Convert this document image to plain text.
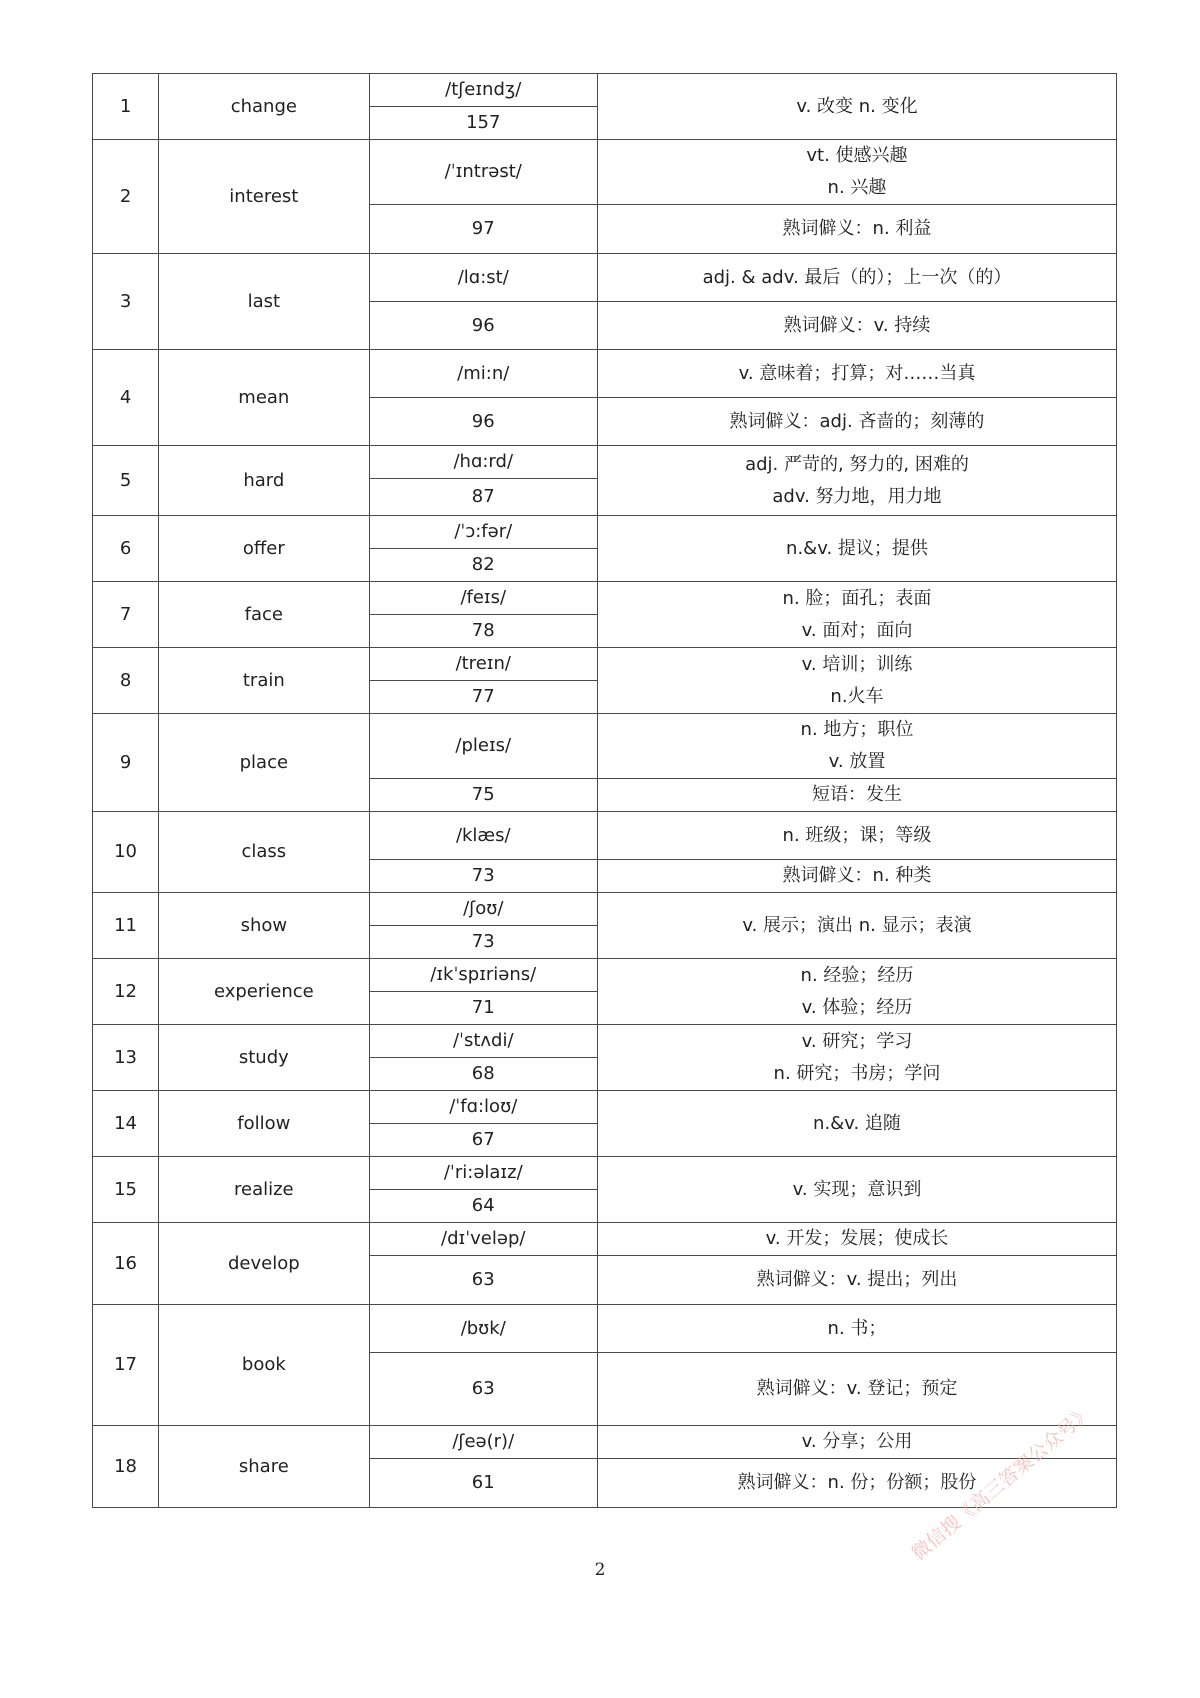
1	change	/tʃeɪndʒ/	v. 改变 n. 变化

		157	
2	interest	/ˈɪntrəst/	vt. 使感兴趣
n. 兴趣

		97	熟词僻义：n. 利益
3	last	/lɑ:st/	adj. & adv. 最后（的）；上一次（的）

		96	熟词僻义：v. 持续
4	mean	/mi:n/	v. 意味着；打算；对……当真

		96	熟词僻义：adj. 吝啬的；刻薄的
5	hard	/hɑ:rd/	adj. 严苛的, 努力的, 困难的
adv. 努力地，用力地

		87	
6	offer	/ˈɔ:fər/	n.&v. 提议；提供

		82	
7	face	/feɪs/	n. 脸；面孔；表面
v. 面对；面向

		78	
8	train	/treɪn/	v. 培训；训练
n.火车

		77	
9	place	/pleɪs/	n. 地方；职位
v. 放置

		75	短语：发生
10	class	/klæs/	n. 班级；课；等级

		73	熟词僻义：n. 种类
11	show	/ʃoʊ/	v. 展示；演出 n. 显示；表演

		73	
12	experience	/ɪkˈspɪriəns/	n. 经验；经历
v. 体验；经历

		71	
13	study	/ˈstʌdi/	v. 研究；学习
n. 研究；书房；学问

		68	
14	follow	/ˈfɑ:loʊ/	n.&v. 追随

		67	
15	realize	/ˈri:əlaɪz/	v. 实现；意识到

		64	
16	develop	/dɪˈveləp/	v. 开发；发展；使成长

		63	熟词僻义：v. 提出；列出
17	book	/bʊk/	n. 书；

		63	熟词僻义：v. 登记；预定
18	share	/ʃeə(r)/	v. 分享；公用

		61	熟词僻义：n. 份；份额；股份
2
微信搜《高三答案公众号》
